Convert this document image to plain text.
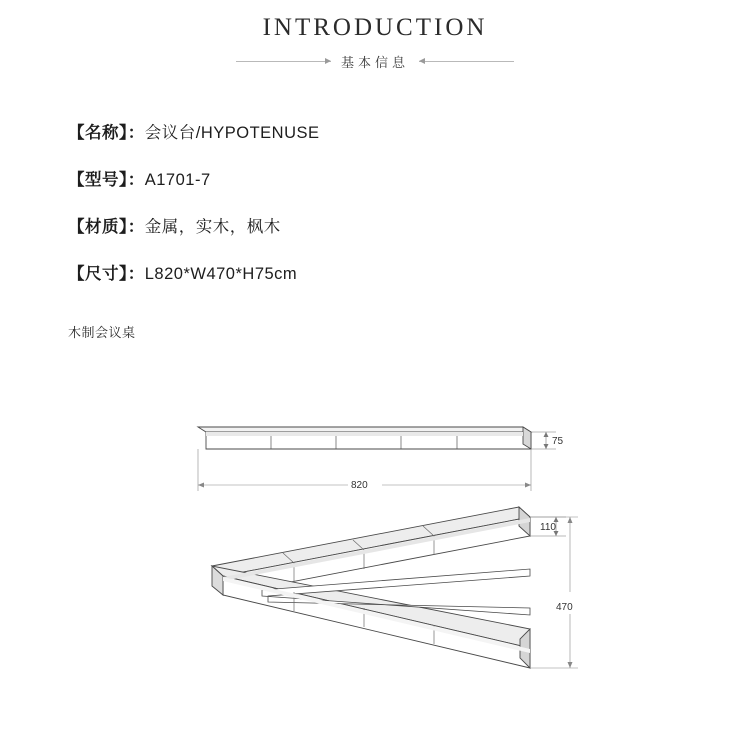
INTRODUCTION
基本信息
【名称】：会议台/HYPOTENUSE
【型号】：A1701-7
【材质】：金属，实木，枫木
【尺寸】：L820*W470*H75cm
木制会议桌
75
820
110
470
